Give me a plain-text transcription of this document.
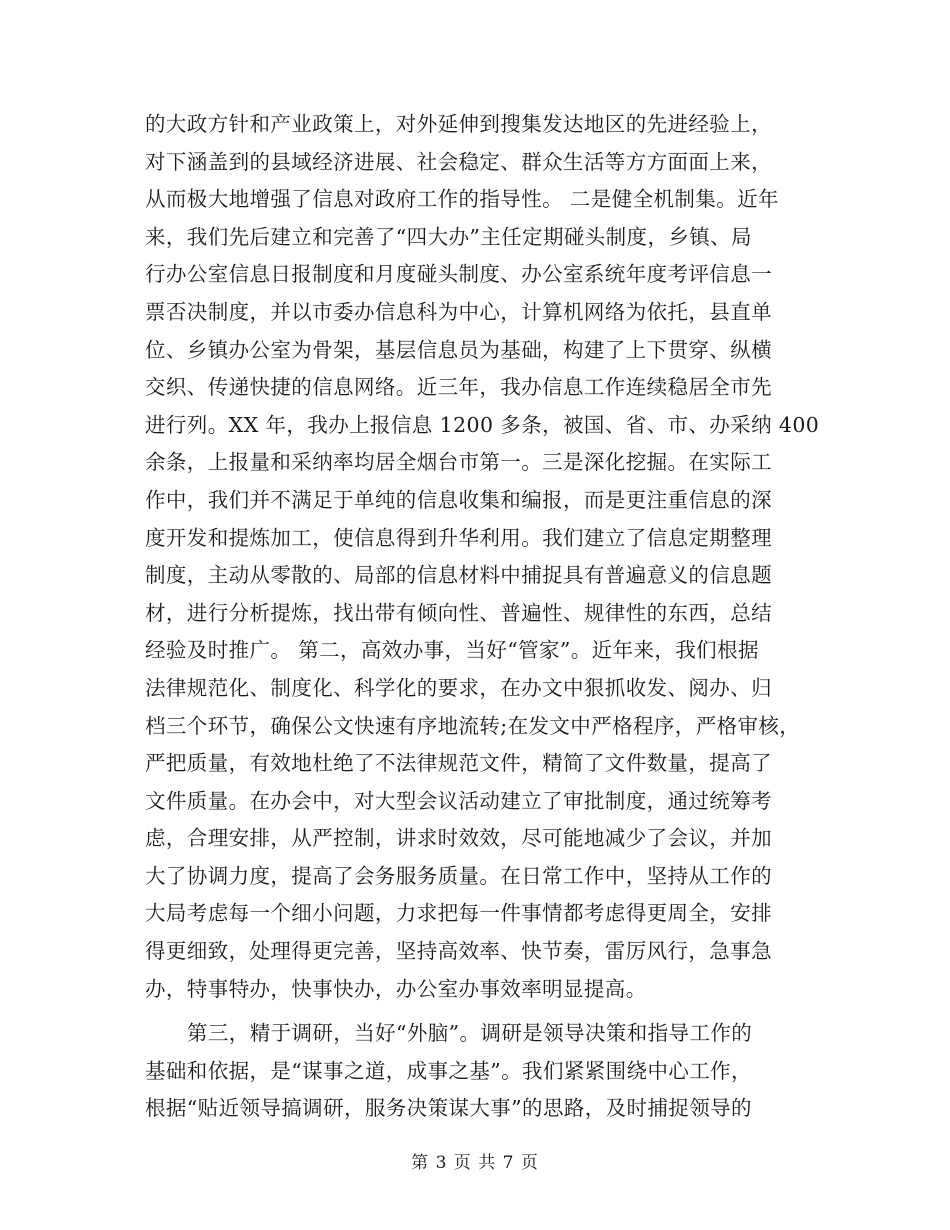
的大政方针和产业政策上，对外延伸到搜集发达地区的先进经验上，
对下涵盖到的县域经济进展、社会稳定、群众生活等方方面面上来，
从而极大地增强了信息对政府工作的指导性。 二是健全机制集。近年
来，我们先后建立和完善了“四大办”主任定期碰头制度，乡镇、局
行办公室信息日报制度和月度碰头制度、办公室系统年度考评信息一
票否决制度，并以市委办信息科为中心，计算机网络为依托，县直单
位、乡镇办公室为骨架，基层信息员为基础，构建了上下贯穿、纵横
交织、传递快捷的信息网络。近三年，我办信息工作连续稳居全市先
进行列。XX 年，我办上报信息 1200 多条，被国、省、市、办采纳 400
余条，上报量和采纳率均居全烟台市第一。三是深化挖掘。在实际工
作中，我们并不满足于单纯的信息收集和编报，而是更注重信息的深
度开发和提炼加工，使信息得到升华利用。我们建立了信息定期整理
制度，主动从零散的、局部的信息材料中捕捉具有普遍意义的信息题
材，进行分析提炼，找出带有倾向性、普遍性、规律性的东西，总结
经验及时推广。 第二，高效办事，当好“管家”。近年来，我们根据
法律规范化、制度化、科学化的要求，在办文中狠抓收发、阅办、归
档三个环节，确保公文快速有序地流转;在发文中严格程序，严格审核，
严把质量，有效地杜绝了不法律规范文件，精简了文件数量，提高了
文件质量。在办会中，对大型会议活动建立了审批制度，通过统筹考
虑，合理安排，从严控制，讲求时效效，尽可能地减少了会议，并加
大了协调力度，提高了会务服务质量。在日常工作中，坚持从工作的
大局考虑每一个细小问题，力求把每一件事情都考虑得更周全，安排
得更细致，处理得更完善，坚持高效率、快节奏，雷厉风行，急事急
办，特事特办，快事快办，办公室办事效率明显提高。
第三，精于调研，当好“外脑”。调研是领导决策和指导工作的
基础和依据，是“谋事之道，成事之基”。我们紧紧围绕中心工作，
根据“贴近领导搞调研，服务决策谋大事”的思路，及时捕捉领导的
第 3 页 共 7 页
